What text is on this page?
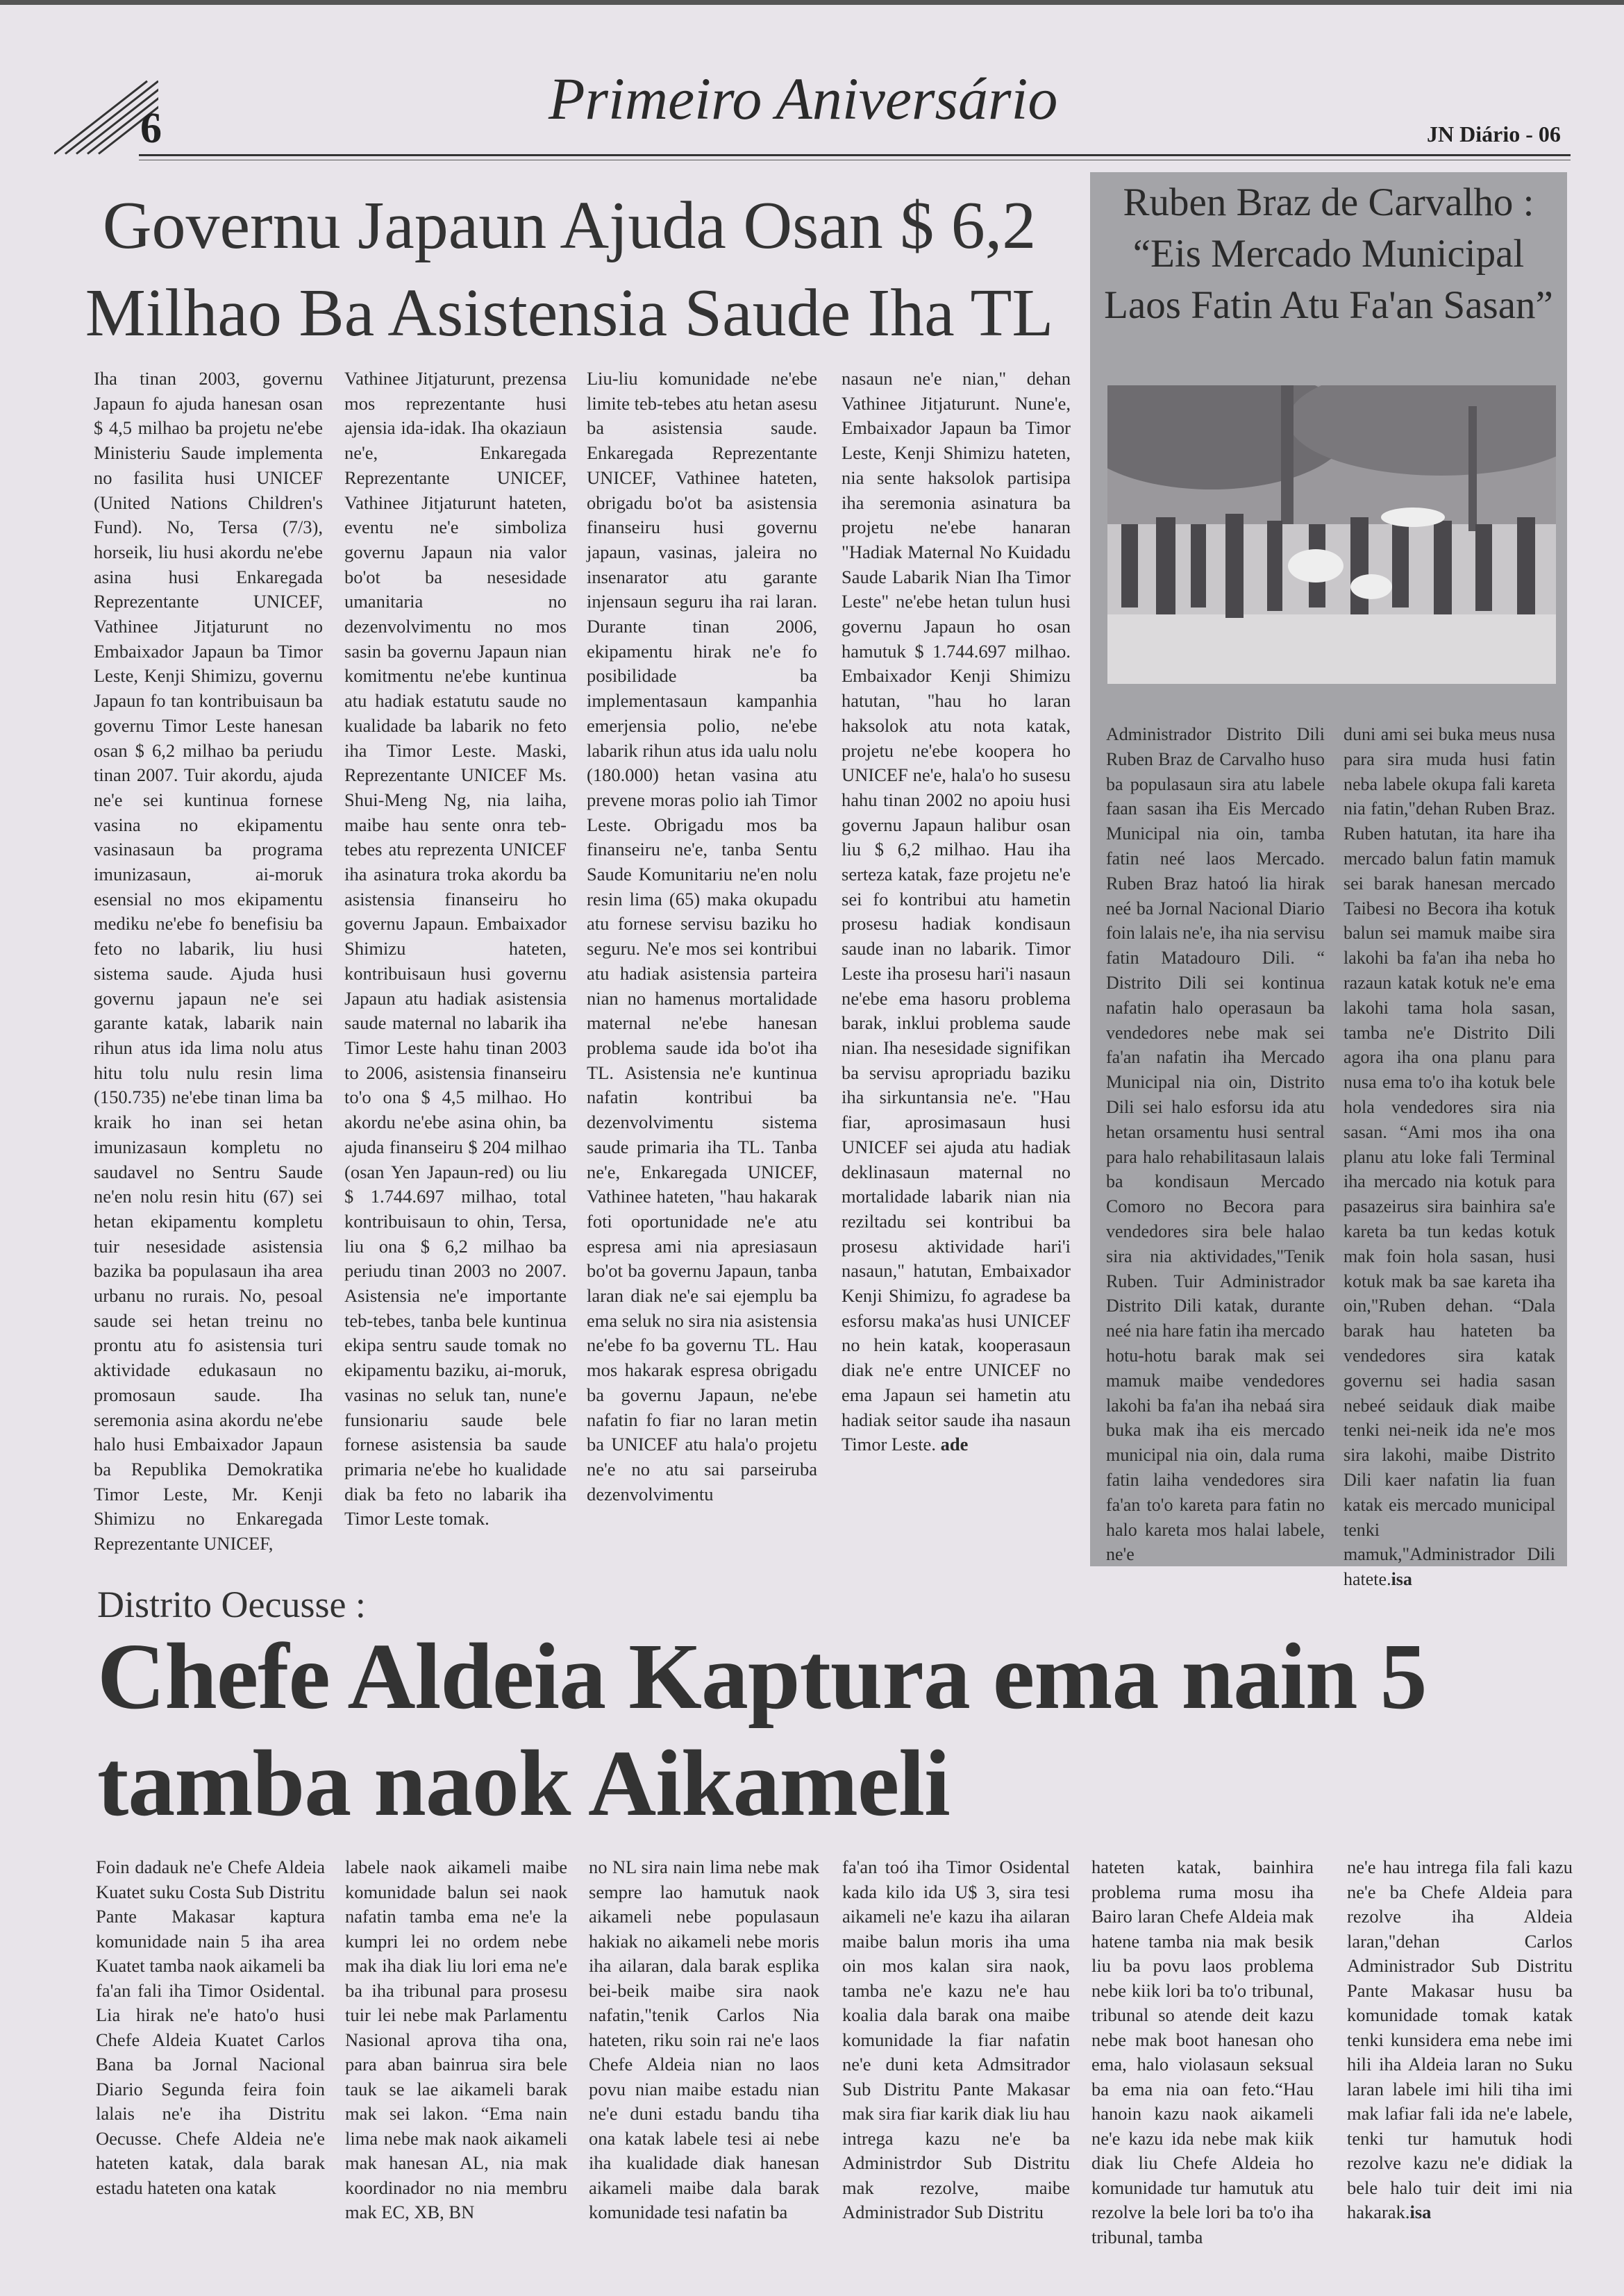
6	Primeiro Aniversário
JN Diário - 06
Governu Japaun Ajuda Osan $ 6,2 Milhao Ba Asistensia Saude Iha TL

Iha tinan 2003, governu Japaun fo ajuda hanesan osan $ 4,5 milhao ba projetu ne'ebe Ministeriu Saude implementa no fasilita husi UNICEF (United Nations Children's Fund). No, Tersa (7/3), horseik, liu husi akordu ne'ebe asina husi Enkaregada Reprezentante UNICEF, Vathinee Jitjaturunt no Embaixador Japaun ba Timor Leste, Kenji Shimizu, governu Japaun fo tan kontribuisaun ba governu Timor Leste hanesan osan $ 6,2 milhao ba periudu tinan 2007. Tuir akordu, ajuda ne'e sei kuntinua fornese vasina no ekipamentu vasinasaun ba programa imunizasaun, ai-moruk esensial no mos ekipamentu mediku ne'ebe fo benefisiu ba feto no labarik, liu husi sistema saude. Ajuda husi governu japaun ne'e sei garante katak, labarik nain rihun atus ida lima nolu atus hitu tolu nulu resin lima (150.735) ne'ebe tinan lima ba kraik ho inan sei hetan imunizasaun kompletu no saudavel no Sentru Saude ne'en nolu resin hitu (67) sei hetan ekipamentu kompletu tuir nesesidade asistensia bazika ba populasaun iha area urbanu no rurais. No, pesoal saude sei hetan treinu no prontu atu fo asistensia turi aktividade edukasaun no promosaun saude. Iha seremonia asina akordu ne'ebe halo husi Embaixador Japaun ba Republika Demokratika Timor Leste, Mr. Kenji Shimizu no Enkaregada Reprezentante UNICEF,

Vathinee Jitjaturunt, prezensa mos reprezentante husi ajensia ida-idak. Iha okaziaun ne'e, Enkaregada Reprezentante UNICEF, Vathinee Jitjaturunt hateten, eventu ne'e simboliza governu Japaun nia valor bo'ot ba nesesidade umanitaria no dezenvolvimentu no mos sasin ba governu Japaun nian komitmentu ne'ebe kuntinua atu hadiak estatutu saude no kualidade ba labarik no feto iha Timor Leste. Maski, Reprezentante UNICEF Ms. Shui-Meng Ng, nia laiha, maibe hau sente onra teb-tebes atu reprezenta UNICEF iha asinatura troka akordu ba asistensia finanseiru ho governu Japaun. Embaixador Shimizu hateten, kontribuisaun husi governu Japaun atu hadiak asistensia saude maternal no labarik iha Timor Leste hahu tinan 2003 to 2006, asistensia finanseiru to'o ona $ 4,5 milhao. Ho akordu ne'ebe asina ohin, ba ajuda finanseiru $ 204 milhao (osan Yen Japaun-red) ou liu $ 1.744.697 milhao, total kontribuisaun to ohin, Tersa, liu ona $ 6,2 milhao ba periudu tinan 2003 no 2007. Asistensia ne'e importante teb-tebes, tanba bele kuntinua ekipa sentru saude tomak no ekipamentu baziku, ai-moruk, vasinas no seluk tan, nune'e funsionariu saude bele fornese asistensia ba saude primaria ne'ebe ho kualidade diak ba feto no labarik iha Timor Leste tomak.

Liu-liu komunidade ne'ebe limite teb-tebes atu hetan asesu ba asistensia saude. Enkaregada Reprezentante UNICEF, Vathinee hateten, obrigadu bo'ot ba asistensia finanseiru husi governu japaun, vasinas, jaleira no insenarator atu garante injensaun seguru iha rai laran. Durante tinan 2006, ekipamentu hirak ne'e fo posibilidade ba implementasaun kampanhia emerjensia polio, ne'ebe labarik rihun atus ida ualu nolu (180.000) hetan vasina atu prevene moras polio iah Timor Leste. Obrigadu mos ba finanseiru ne'e, tanba Sentu Saude Komunitariu ne'en nolu resin lima (65) maka okupadu atu fornese servisu baziku ho seguru. Ne'e mos sei kontribui atu hadiak asistensia parteira nian no hamenus mortalidade maternal ne'ebe hanesan problema saude ida bo'ot iha TL. Asistensia ne'e kuntinua nafatin kontribui ba dezenvolvimentu sistema saude primaria iha TL. Tanba ne'e, Enkaregada UNICEF, Vathinee hateten, "hau hakarak foti oportunidade ne'e atu espresa ami nia apresiasaun bo'ot ba governu Japaun, tanba laran diak ne'e sai ejemplu ba ema seluk no sira nia asistensia ne'ebe fo ba governu TL. Hau mos hakarak espresa obrigadu ba governu Japaun, ne'ebe nafatin fo fiar no laran metin ba UNICEF atu hala'o projetu ne'e no atu sai parseiruba dezenvolvimentu

nasaun ne'e nian," dehan Vathinee Jitjaturunt. Nune'e, Embaixador Japaun ba Timor Leste, Kenji Shimizu hateten, nia sente haksolok partisipa iha seremonia asinatura ba projetu ne'ebe hanaran "Hadiak Maternal No Kuidadu Saude Labarik Nian Iha Timor Leste" ne'ebe hetan tulun husi governu Japaun ho osan hamutuk $ 1.744.697 milhao. Embaixador Kenji Shimizu hatutan, "hau ho laran haksolok atu nota katak, projetu ne'ebe koopera ho UNICEF ne'e, hala'o ho susesu hahu tinan 2002 no apoiu husi governu Japaun halibur osan liu $ 6,2 milhao. Hau iha serteza katak, faze projetu ne'e sei fo kontribui atu hametin prosesu hadiak kondisaun saude inan no labarik. Timor Leste iha prosesu hari'i nasaun ne'ebe ema hasoru problema barak, inklui problema saude nian. Iha nesesidade signifikan ba servisu apropriadu baziku iha sirkuntansia ne'e. "Hau fiar, aprosimasaun husi UNICEF sei ajuda atu hadiak deklinasaun maternal no mortalidade labarik nian nia reziltadu sei kontribui ba prosesu aktividade hari'i nasaun," hatutan, Embaixador Kenji Shimizu, fo agradese ba esforsu maka'as husi UNICEF no hein katak, kooperasaun diak ne'e entre UNICEF no ema Japaun sei hametin atu hadiak seitor saude iha nasaun Timor Leste. ade

Ruben Braz de Carvalho : “Eis Mercado Municipal Laos Fatin Atu Fa'an Sasan”

Administrador Distrito Dili Ruben Braz de Carvalho huso ba populasaun sira atu labele faan sasan iha Eis Mercado Municipal nia oin, tamba fatin neé laos Mercado. Ruben Braz hatoó lia hirak neé ba Jornal Nacional Diario foin lalais ne'e, iha nia servisu fatin Matadouro Dili. “ Distrito Dili sei kontinua nafatin halo operasaun ba vendedores nebe mak sei fa'an nafatin iha Mercado Municipal nia oin, Distrito Dili sei halo esforsu ida atu hetan orsamentu husi sentral para halo rehabilitasaun lalais ba kondisaun Mercado Comoro no Becora para vendedores sira bele halao sira nia aktividades,"Tenik Ruben. Tuir Administrador Distrito Dili katak, durante neé nia hare fatin iha mercado hotu-hotu barak mak sei mamuk maibe vendedores lakohi ba fa'an iha nebaá sira buka mak iha eis mercado municipal nia oin, dala ruma fatin laiha vendedores sira fa'an to'o kareta para fatin no halo kareta mos halai labele, ne'e

duni ami sei buka meus nusa para sira muda husi fatin neba labele okupa fali kareta nia fatin,"dehan Ruben Braz. Ruben hatutan, ita hare iha mercado balun fatin mamuk sei barak hanesan mercado Taibesi no Becora iha kotuk balun sei mamuk maibe sira lakohi ba fa'an iha neba ho razaun katak kotuk ne'e ema lakohi tama hola sasan, tamba ne'e Distrito Dili agora iha ona planu para nusa ema to'o iha kotuk bele hola vendedores sira nia sasan. “Ami mos iha ona planu atu loke fali Terminal iha mercado nia kotuk para pasazeirus sira bainhira sa'e kareta ba tun kedas kotuk mak foin hola sasan, husi kotuk mak ba sae kareta iha oin,"Ruben dehan. “Dala barak hau hateten ba vendedores sira katak governu sei hadia sasan nebeé seidauk diak maibe tenki nei-neik ida ne'e mos sira lakohi, maibe Distrito Dili kaer nafatin lia fuan katak eis mercado municipal tenki mamuk,"Administrador Dili hatete.isa

Distrito Oecusse :
Chefe Aldeia Kaptura ema nain 5 tamba naok Aikameli

Foin dadauk ne'e Chefe Aldeia Kuatet suku Costa Sub Distritu Pante Makasar kaptura komunidade nain 5 iha area Kuatet tamba naok aikameli ba fa'an fali iha Timor Osidental. Lia hirak ne'e hato'o husi Chefe Aldeia Kuatet Carlos Bana ba Jornal Nacional Diario Segunda feira foin lalais ne'e iha Distritu Oecusse. Chefe Aldeia ne'e hateten katak, dala barak estadu hateten ona katak

labele naok aikameli maibe komunidade balun sei naok nafatin tamba ema ne'e la kumpri lei no ordem nebe mak iha diak liu lori ema ne'e ba iha tribunal para prosesu tuir lei nebe mak Parlamentu Nasional aprova tiha ona, para aban bainrua sira bele tauk se lae aikameli barak mak sei lakon. “Ema nain lima nebe mak naok aikameli mak hanesan AL, nia mak koordinador no nia membru mak EC, XB, BN

no NL sira nain lima nebe mak sempre lao hamutuk naok aikameli nebe populasaun hakiak no aikameli nebe moris iha ailaran, dala barak esplika bei-beik maibe sira naok nafatin,"tenik Carlos Nia hateten, riku soin rai ne'e laos Chefe Aldeia nian no laos povu nian maibe estadu nian ne'e duni estadu bandu tiha ona katak labele tesi ai nebe iha kualidade diak hanesan aikameli maibe dala barak komunidade tesi nafatin ba

fa'an toó iha Timor Osidental kada kilo ida U$ 3, sira tesi aikameli ne'e kazu iha ailaran maibe balun moris iha uma oin mos kalan sira naok, tamba ne'e kazu ne'e hau koalia dala barak ona maibe komunidade la fiar nafatin ne'e duni keta Admsitrador Sub Distritu Pante Makasar mak sira fiar karik diak liu hau intrega kazu ne'e ba Administrdor Sub Distritu mak rezolve, maibe Administrador Sub Distritu

hateten katak, bainhira problema ruma mosu iha Bairo laran Chefe Aldeia mak hatene tamba nia mak besik liu ba povu laos problema nebe kiik lori ba to'o tribunal, tribunal so atende deit kazu nebe mak boot hanesan oho ema, halo violasaun seksual ba ema nia oan feto.“Hau hanoin kazu naok aikameli ne'e kazu ida nebe mak kiik diak liu Chefe Aldeia ho komunidade tur hamutuk atu rezolve la bele lori ba to'o iha tribunal, tamba

ne'e hau intrega fila fali kazu ne'e ba Chefe Aldeia para rezolve iha Aldeia laran,"dehan Carlos Administrador Sub Distritu Pante Makasar husu ba komunidade tomak katak tenki kunsidera ema nebe imi hili iha Aldeia laran no Suku laran labele imi hili tiha imi mak lafiar fali ida ne'e labele, tenki tur hamutuk hodi rezolve kazu ne'e didiak la bele halo tuir deit imi nia hakarak.isa
